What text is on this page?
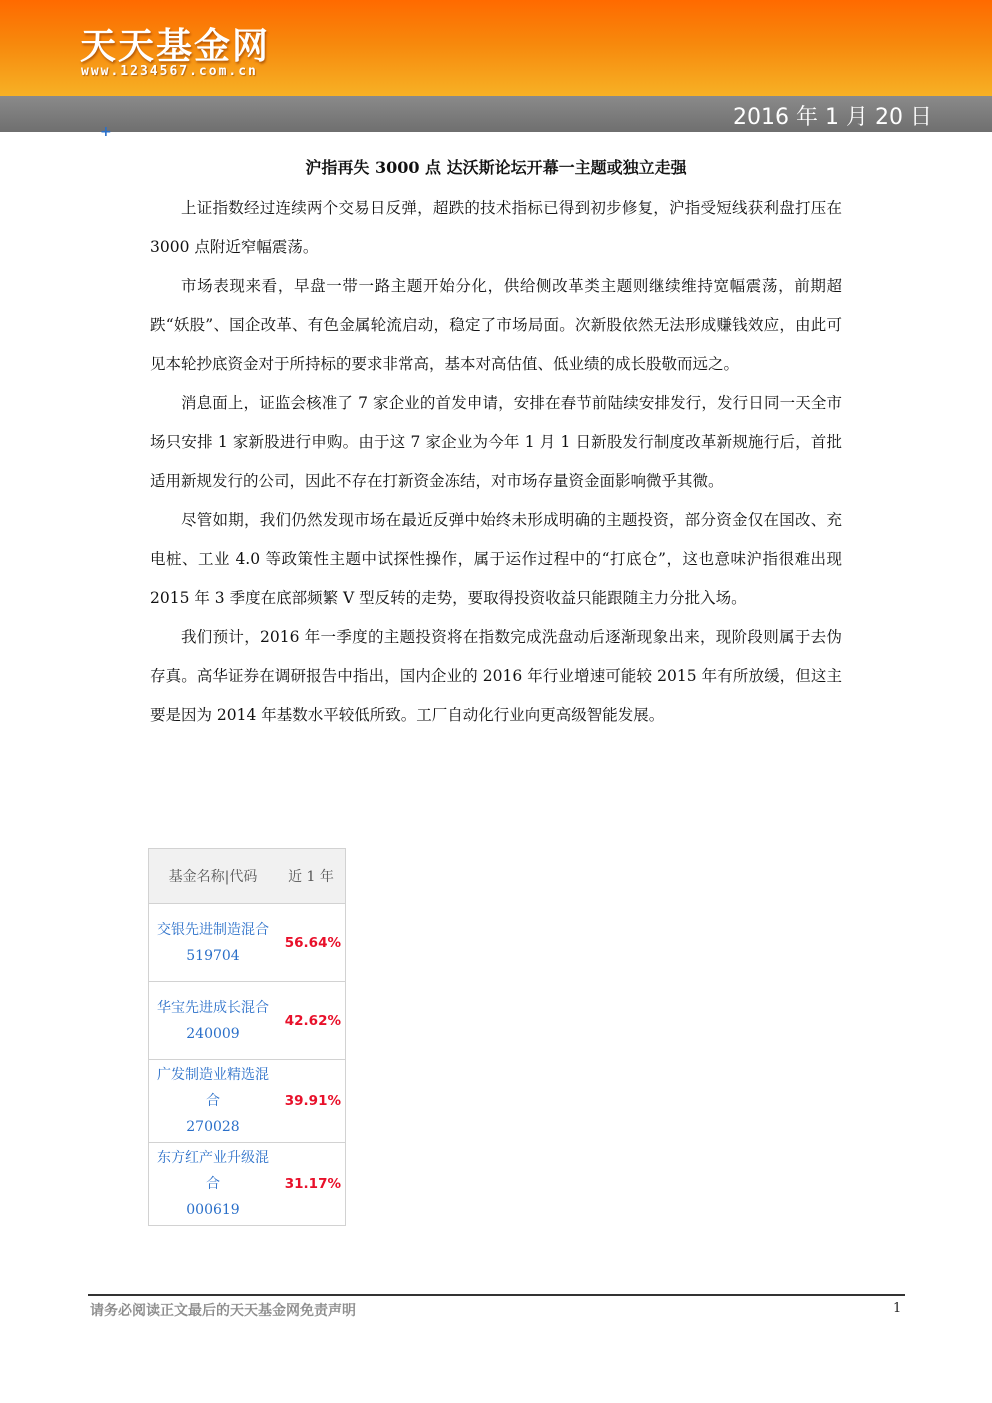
天天基金网
www.1234567.com.cn
2016 年 1 月 20 日
+
沪指再失 3000 点 达沃斯论坛开幕一主题或独立走强

上证指数经过连续两个交易日反弹，超跌的技术指标已得到初步修复，沪指受短线获利盘打压在 3000 点附近窄幅震荡。

市场表现来看，早盘一带一路主题开始分化，供给侧改革类主题则继续维持宽幅震荡，前期超跌“妖股”、国企改革、有色金属轮流启动，稳定了市场局面。次新股依然无法形成赚钱效应，由此可见本轮抄底资金对于所持标的要求非常高，基本对高估值、低业绩的成长股敬而远之。

消息面上，证监会核准了 7 家企业的首发申请，安排在春节前陆续安排发行，发行日同一天全市场只安排 1 家新股进行申购。由于这 7 家企业为今年 1 月 1 日新股发行制度改革新规施行后，首批适用新规发行的公司，因此不存在打新资金冻结，对市场存量资金面影响微乎其微。

尽管如期，我们仍然发现市场在最近反弹中始终未形成明确的主题投资，部分资金仅在国改、充电桩、工业 4.0 等政策性主题中试探性操作，属于运作过程中的“打底仓”，这也意味沪指很难出现 2015 年 3 季度在底部频繁 V 型反转的走势，要取得投资收益只能跟随主力分批入场。

我们预计，2016 年一季度的主题投资将在指数完成洗盘动后逐渐现象出来，现阶段则属于去伪存真。高华证券在调研报告中指出，国内企业的 2016 年行业增速可能较 2015 年有所放缓，但这主要是因为 2014 年基数水平较低所致。工厂自动化行业向更高级智能发展。

基金名称|代码	近 1 年

交银先进制造混合
519704	56.64%

华宝先进成长混合
240009	42.62%

广发制造业精选混
合
270028	39.91%

东方红产业升级混
合
000619	31.17%
请务必阅读正文最后的天天基金网免责声明	1
